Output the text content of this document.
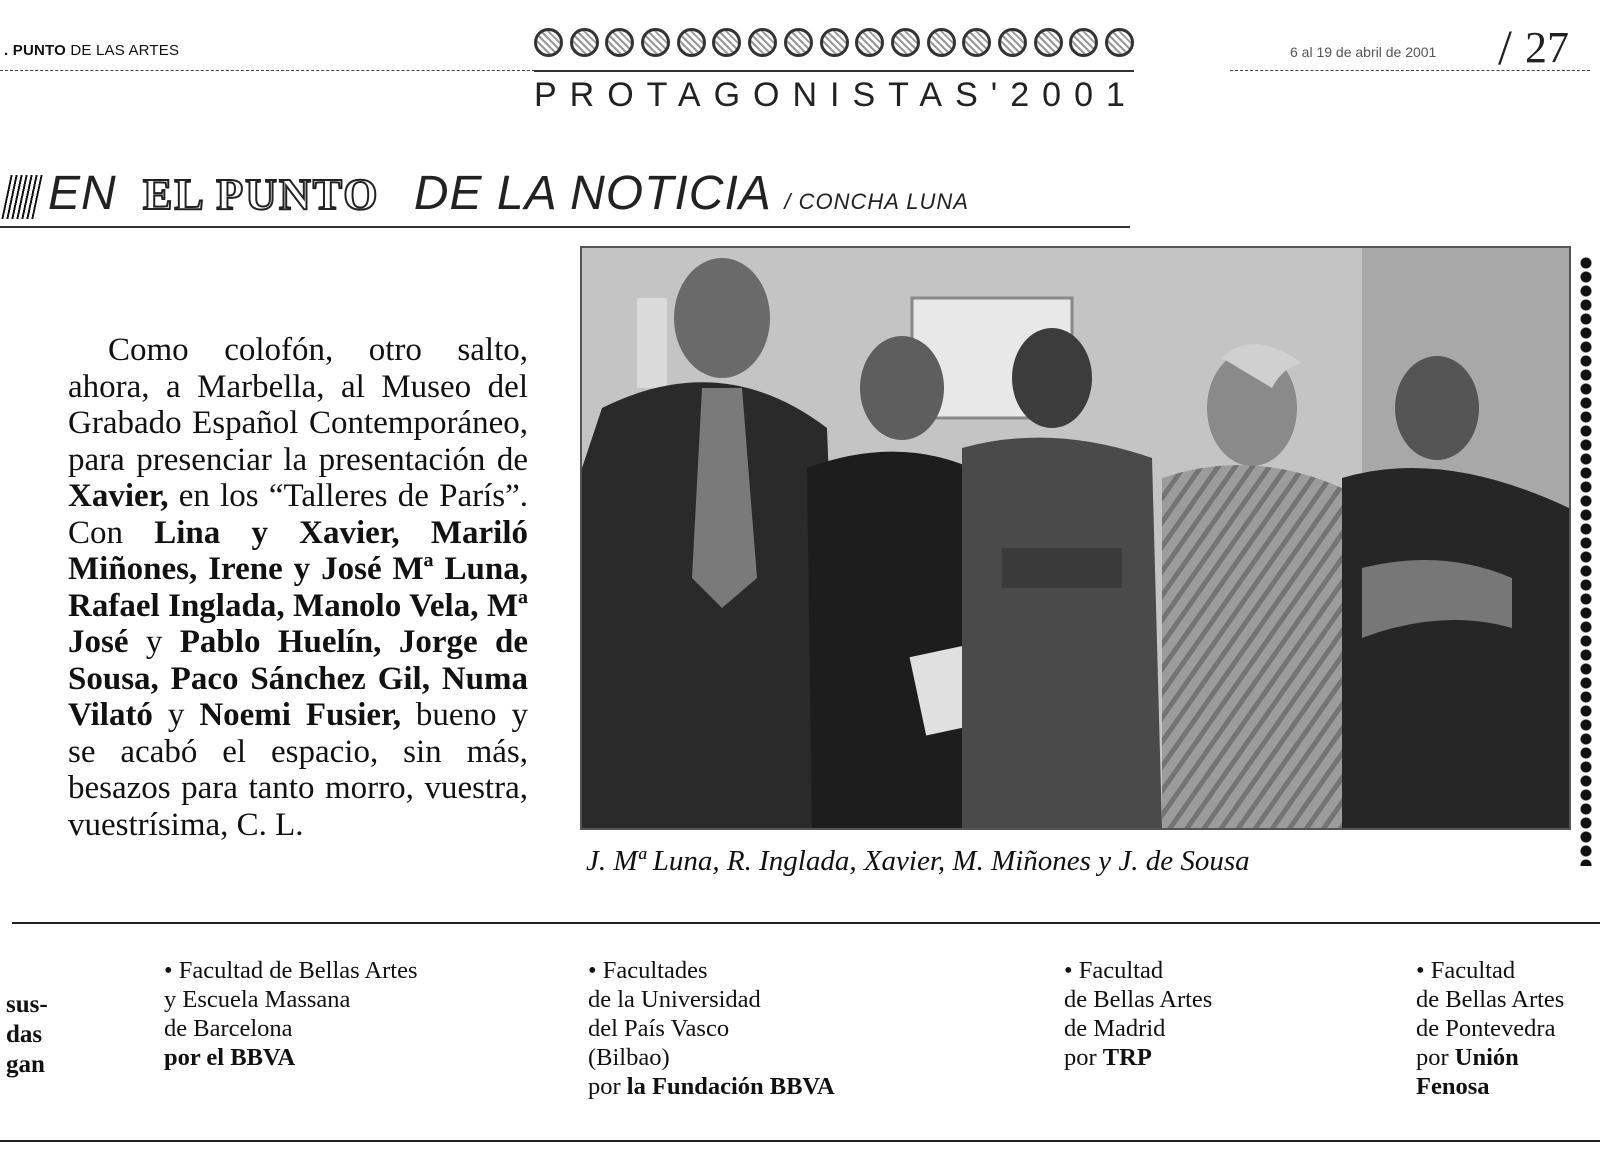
. PUNTO DE LAS ARTES
PROTAGONISTAS'2001
6 al 19 de abril de 2001 / 27
EN EL PUNTO DE LA NOTICIA / CONCHA LUNA

Como colofón, otro salto, ahora, a Marbella, al Museo del Grabado Español Contemporáneo, para presenciar la presentación de Xavier, en los “Talleres de París”. Con Lina y Xavier, Mariló Miñones, Irene y José Mª Luna, Rafael Inglada, Manolo Vela, Mª José y Pablo Huelín, Jorge de Sousa, Paco Sánchez Gil, Numa Vilató y Noemi Fusier, bueno y se acabó el espacio, sin más, besazos para tanto morro, vuestra, vuestrísima, C. L.

J. Mª Luna, R. Inglada, Xavier, M. Miñones y J. de Sousa
sus-
das
gan
• Facultad de Bellas Artes
y Escuela Massana
de Barcelona
por el BBVA
• Facultades
de la Universidad
del País Vasco
(Bilbao)
por la Fundación BBVA
• Facultad
de Bellas Artes
de Madrid
por TRP
• Facultad
de Bellas Artes
de Pontevedra
por Unión Fenosa
